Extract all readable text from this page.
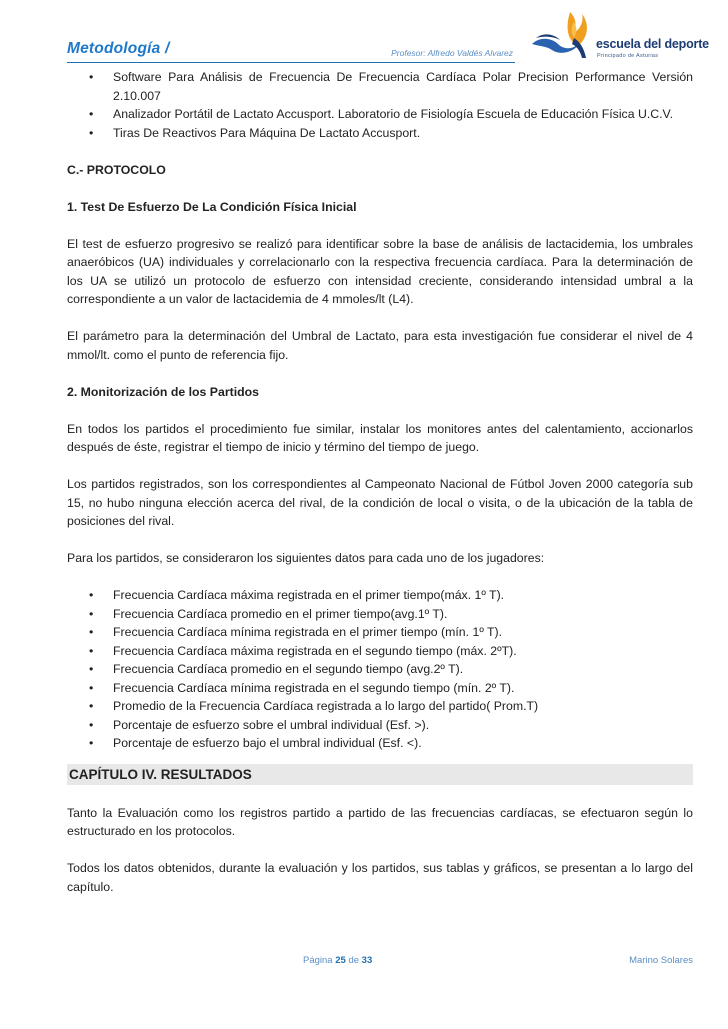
Metodología /	Profesor: Alfredo Valdés Alvarez
escuela del deporte
Principado de Asturias
• Software Para Análisis de Frecuencia De Frecuencia Cardíaca Polar Precision Performance Versión 2.10.007
• Analizador Portátil de Lactato Accusport. Laboratorio de Fisiología Escuela de Educación Física U.C.V.
• Tiras De Reactivos Para Máquina De Lactato Accusport.

C.- PROTOCOLO

1. Test De Esfuerzo De La Condición Física Inicial

El test de esfuerzo progresivo se realizó para identificar sobre la base de análisis de lactacidemia, los umbrales anaeróbicos (UA) individuales y correlacionarlo con la respectiva frecuencia cardíaca. Para la determinación de los UA se utilizó un protocolo de esfuerzo con intensidad creciente, considerando intensidad umbral a la correspondiente a un valor de lactacidemia de 4 mmoles/lt (L4).

El parámetro para la determinación del Umbral de Lactato, para esta investigación fue considerar el nivel de 4 mmol/lt. como el punto de referencia fijo.

2. Monitorización de los Partidos

En todos los partidos el procedimiento fue similar, instalar los monitores antes del calentamiento, accionarlos después de éste, registrar el tiempo de inicio y término del tiempo de juego.

Los partidos registrados, son los correspondientes al Campeonato Nacional de Fútbol Joven 2000 categoría sub 15, no hubo ninguna elección acerca del rival, de la condición de local o visita, o de la ubicación de la tabla de posiciones del rival.

Para los partidos, se consideraron los siguientes datos para cada uno de los jugadores:

• Frecuencia Cardíaca máxima registrada en el primer tiempo(máx. 1º T).
• Frecuencia Cardíaca promedio en el primer tiempo(avg.1º T).
• Frecuencia Cardíaca mínima registrada en el primer tiempo (mín. 1º T).
• Frecuencia Cardíaca máxima registrada en el segundo tiempo (máx. 2ºT).
• Frecuencia Cardíaca promedio en el segundo tiempo (avg.2º T).
• Frecuencia Cardíaca mínima registrada en el segundo tiempo (mín. 2º T).
• Promedio de la Frecuencia Cardíaca registrada a lo largo del partido( Prom.T)
• Porcentaje de esfuerzo sobre el umbral individual (Esf. >).
• Porcentaje de esfuerzo bajo el umbral individual (Esf. <).

CAPÍTULO IV. RESULTADOS

Tanto la Evaluación como los registros partido a partido de las frecuencias cardíacas, se efectuaron según lo estructurado en los protocolos.

Todos los datos obtenidos, durante la evaluación y los partidos, sus tablas y gráficos, se presentan a lo largo del capítulo.

Página 25 de 33	Marino Solares
